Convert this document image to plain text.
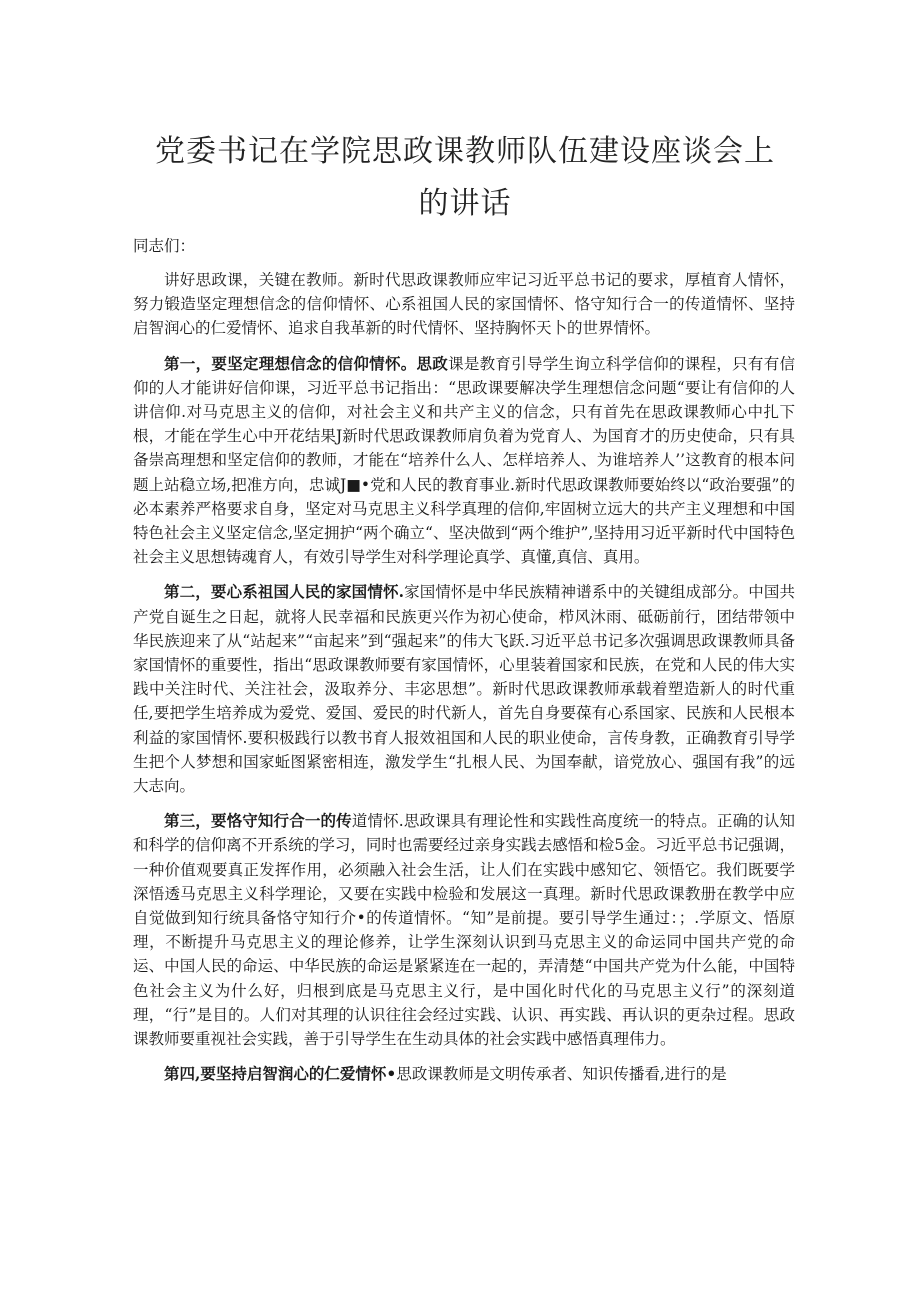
党委书记在学院思政课教师队伍建设座谈会上的讲话

同志们：

讲好思政课，关键在教师。新时代思政课教师应牢记习近平总书记的要求，厚植育人情怀，努力锻造坚定理想信念的信仰情怀、心系祖国人民的家国情怀、恪守知行合一的传道情怀、坚持启智润心的仁爱情怀、追求自我革新的时代情怀、坚持胸怀天卜的世界情怀。

第一，要坚定理想信念的信仰情怀。思政课是教育引导学生询立科学信仰的课程，只有有信仰的人才能讲好信仰课，习近平总书记指出：“思政课要解决学生理想信念问题“要让有信仰的人讲信仰.对马克思主义的信仰，对社会主义和共产主义的信念，只有首先在思政课教师心中扎下根，才能在学生心中开花结果J新时代思政课教师肩负着为党育人、为国育才的历史使命，只有具备崇高理想和坚定信仰的教师，才能在“培养什么人、怎样培养人、为谁培养人’’这教育的根本问题上站稳立场,把准方向，忠诚J■•党和人民的教育事业.新时代思政课教师要始终以“政治要强”的必本素养严格要求自身，坚定对马克思主义科学真理的信仰,牢固树立远大的共产主义理想和中国特色社会主义坚定信念,坚定拥护“两个确立“、坚决做到“两个维护”,坚持用习近平新时代中国特色社会主义思想铸魂育人，有效引导学生对科学理论真学、真懂,真信、真用。

第二，要心系祖国人民的家国情怀.家国情怀是中华民族精神谱系中的关键组成部分。中国共产党自诞生之日起，就将人民幸福和民族更兴作为初心使命，栉风沐雨、砥砺前行，团结带领中华民族迎来了从“站起来”“亩起来”到“强起来”的伟大飞跃.习近平总书记多次强调思政课教师具备家国情怀的重要性，指出“思政课教师要有家国情怀，心里装着国家和民族，在党和人民的伟大实践中关注时代、关注社会，汲取养分、丰宓思想”。新时代思政课教师承载着塑造新人的时代重任,要把学生培养成为爱党、爱国、爱民的时代新人，首先自身要葆有心系国家、民族和人民根本利益的家国情怀.要积极践行以教书育人报效祖国和人民的职业使命，言传身教，正确教育引导学生把个人梦想和国家蚯图紧密相连，激发学生“扎根人民、为国奉献，谙党放心、强国有我”的远大志向。

第三，要恪守知行合一的传道情怀.思政课具有理论性和实践性高度统一的特点。正确的认知和科学的信仰离不开系统的学习，同时也需要经过亲身实践去感悟和检5金。习近平总书记强调，一种价值观要真正发挥作用，必须融入社会生活，让人们在实践中感知它、领悟它。我们既要学深悟透马克思主义科学理论，又要在实践中检验和发展这一真理。新时代思政课教册在教学中应自觉做到知行统具备恪守知行介•的传道情怀。“知”是前提。要引导学生通过：；.学原文、悟原理，不断提升马克思主义的理论修养，让学生深刻认识到马克思主义的命运同中国共产党的命运、中国人民的命运、中华民族的命运是紧紧连在一起的，弄清楚“中国共产党为什么能，中国特色社会主义为什么好，归根到底是马克思主义行，是中国化时代化的马克思主义行”的深刻道理，“行”是目的。人们对其理的认识往往会经过实践、认识、再实践、再认识的更杂过程。思政课教师要重视社会实践，善于引导学生在生动具体的社会实践中感悟真理伟力。

第四,要坚持启智润心的仁爱情怀•思政课教师是文明传承者、知识传播看,进行的是
